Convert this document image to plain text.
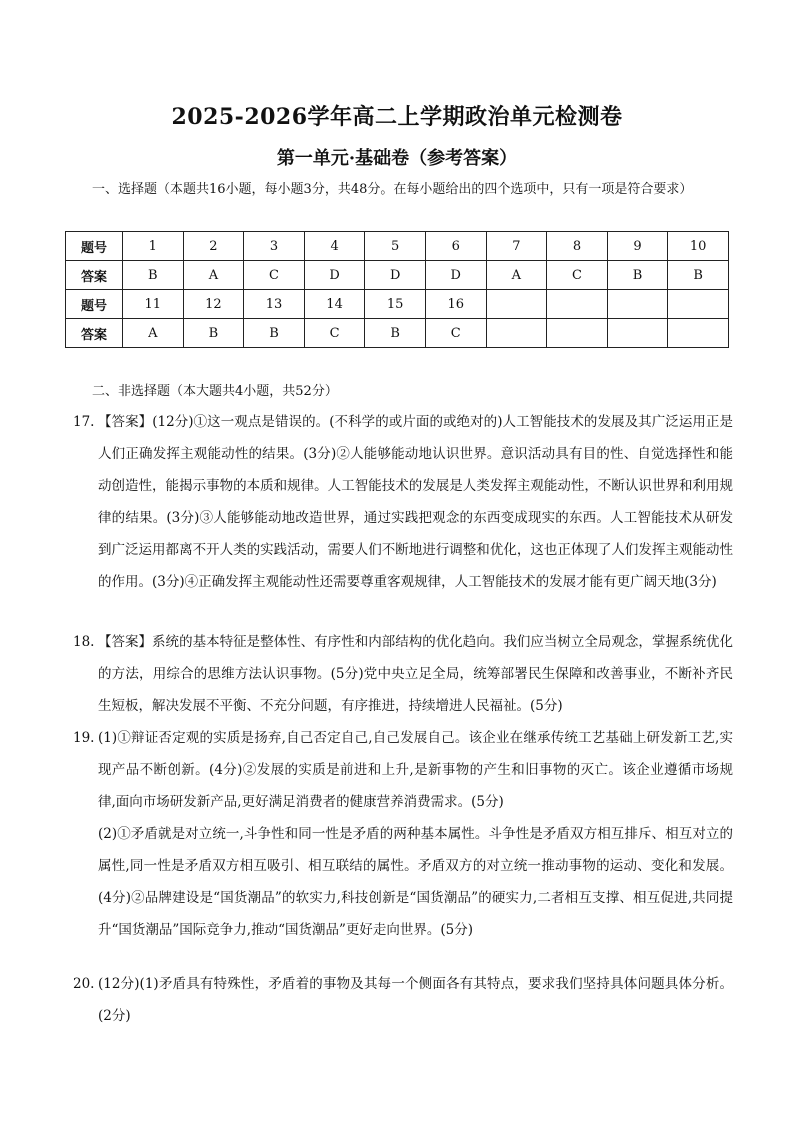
2025-2026学年高二上学期政治单元检测卷
第一单元·基础卷（参考答案）
一、选择题（本题共16小题，每小题3分，共48分。在每小题给出的四个选项中，只有一项是符合要求）
题号	1	2	3	4	5	6	7	8	9	10
答案	B	A	C	D	D	D	A	C	B	B
题号	11	12	13	14	15	16				
答案	A	B	B	C	B	C				
二、非选择题（本大题共4小题，共52分）
17. 【答案】(12分)①这一观点是错误的。(不科学的或片面的或绝对的)人工智能技术的发展及其广泛运用正是人们正确发挥主观能动性的结果。(3分)②人能够能动地认识世界。意识活动具有目的性、自觉选择性和能动创造性，能揭示事物的本质和规律。人工智能技术的发展是人类发挥主观能动性，不断认识世界和利用规律的结果。(3分)③人能够能动地改造世界，通过实践把观念的东西变成现实的东西。人工智能技术从研发到广泛运用都离不开人类的实践活动，需要人们不断地进行调整和优化，这也正体现了人们发挥主观能动性的作用。(3分)④正确发挥主观能动性还需要尊重客观规律，人工智能技术的发展才能有更广阔天地(3分)
18. 【答案】系统的基本特征是整体性、有序性和内部结构的优化趋向。我们应当树立全局观念，掌握系统优化的方法，用综合的思维方法认识事物。(5分)党中央立足全局，统筹部署民生保障和改善事业，不断补齐民生短板，解决发展不平衡、不充分问题，有序推进，持续增进人民福祉。(5分)
19. (1)①辩证否定观的实质是扬弃,自己否定自己,自己发展自己。该企业在继承传统工艺基础上研发新工艺,实现产品不断创新。(4分)②发展的实质是前进和上升,是新事物的产生和旧事物的灭亡。该企业遵循市场规律,面向市场研发新产品,更好满足消费者的健康营养消费需求。(5分)
(2)①矛盾就是对立统一,斗争性和同一性是矛盾的两种基本属性。斗争性是矛盾双方相互排斥、相互对立的属性,同一性是矛盾双方相互吸引、相互联结的属性。矛盾双方的对立统一推动事物的运动、变化和发展。(4分)②品牌建设是“国货潮品”的软实力,科技创新是“国货潮品”的硬实力,二者相互支撑、相互促进,共同提升“国货潮品”国际竞争力,推动“国货潮品”更好走向世界。(5分)
20. (12分)(1)矛盾具有特殊性，矛盾着的事物及其每一个侧面各有其特点，要求我们坚持具体问题具体分析。(2分)
